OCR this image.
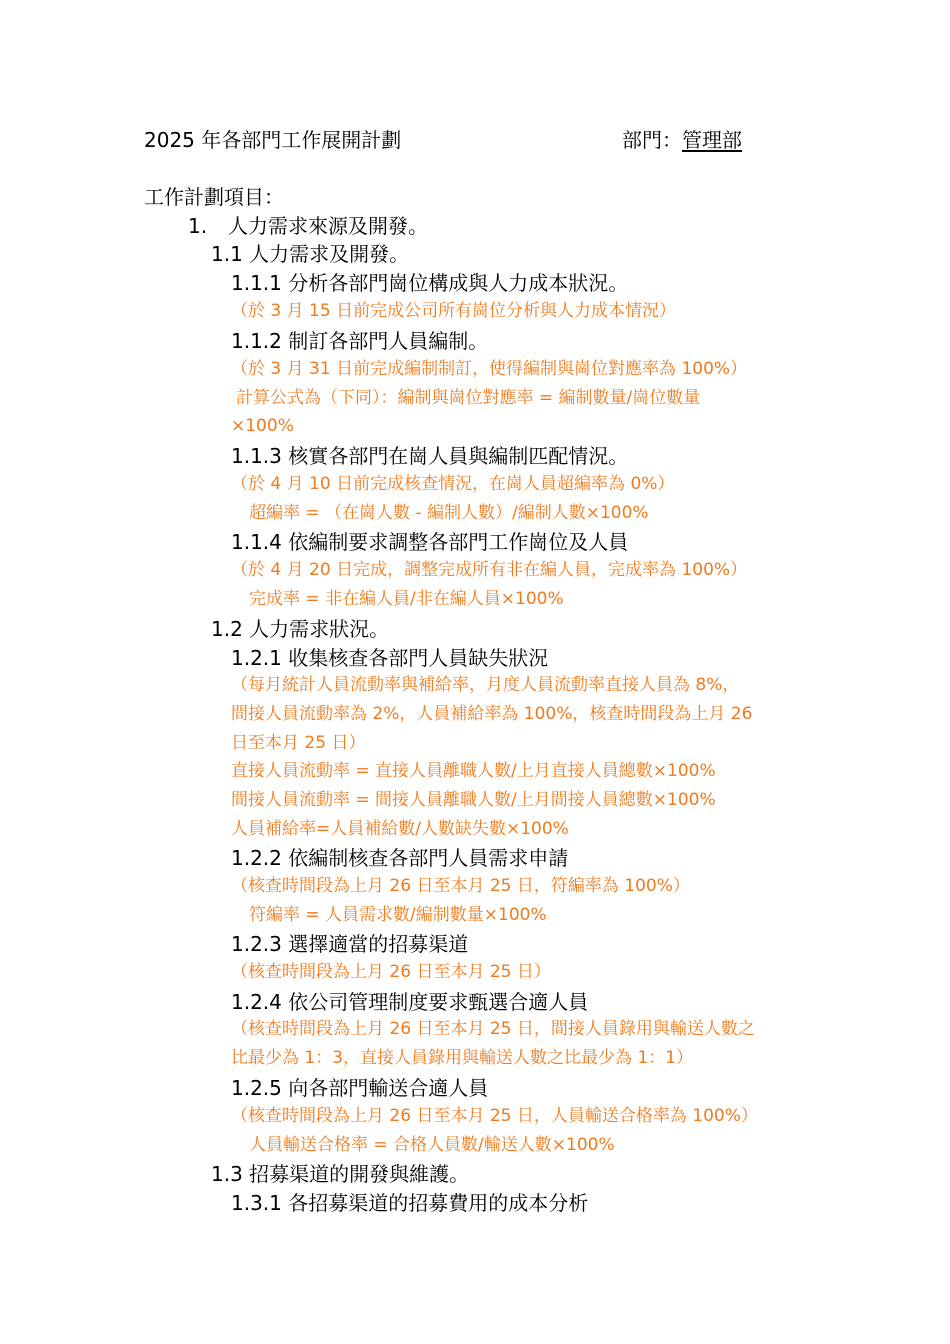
2025 年各部門工作展開計劃	部門：管理部
工作計劃項目：
1. 人力需求來源及開發。
1.1 人力需求及開發。
1.1.1 分析各部門崗位構成與人力成本狀況。
（於 3 月 15 日前完成公司所有崗位分析與人力成本情況）
1.1.2 制訂各部門人員編制。
（於 3 月 31 日前完成編制制訂，使得編制與崗位對應率為 100%）
計算公式為（下同）：編制與崗位對應率 = 編制數量/崗位數量
×100%
1.1.3 核實各部門在崗人員與編制匹配情況。
（於 4 月 10 日前完成核查情況，在崗人員超編率為 0%）
超編率 = （在崗人數 - 編制人數）/編制人數×100%
1.1.4 依編制要求調整各部門工作崗位及人員
（於 4 月 20 日完成，調整完成所有非在編人員，完成率為 100%）
完成率 = 非在編人員/非在編人員×100%
1.2 人力需求狀況。
1.2.1 收集核查各部門人員缺失狀況
（每月統計人員流動率與補給率，月度人員流動率直接人員為 8%，
間接人員流動率為 2%，人員補給率為 100%，核查時間段為上月 26
日至本月 25 日）
直接人員流動率 = 直接人員離職人數/上月直接人員總數×100%
間接人員流動率 = 間接人員離職人數/上月間接人員總數×100%
人員補給率=人員補給數/人數缺失數×100%
1.2.2 依編制核查各部門人員需求申請
（核查時間段為上月 26 日至本月 25 日，符編率為 100%）
符編率 = 人員需求數/編制數量×100%
1.2.3 選擇適當的招募渠道
（核查時間段為上月 26 日至本月 25 日）
1.2.4 依公司管理制度要求甄選合適人員
（核查時間段為上月 26 日至本月 25 日，間接人員錄用與輸送人數之
比最少為 1：3，直接人員錄用與輸送人數之比最少為 1：1）
1.2.5 向各部門輸送合適人員
（核查時間段為上月 26 日至本月 25 日，人員輸送合格率為 100%）
人員輸送合格率 = 合格人員數/輸送人數×100%
1.3 招募渠道的開發與維護。
1.3.1 各招募渠道的招募費用的成本分析
